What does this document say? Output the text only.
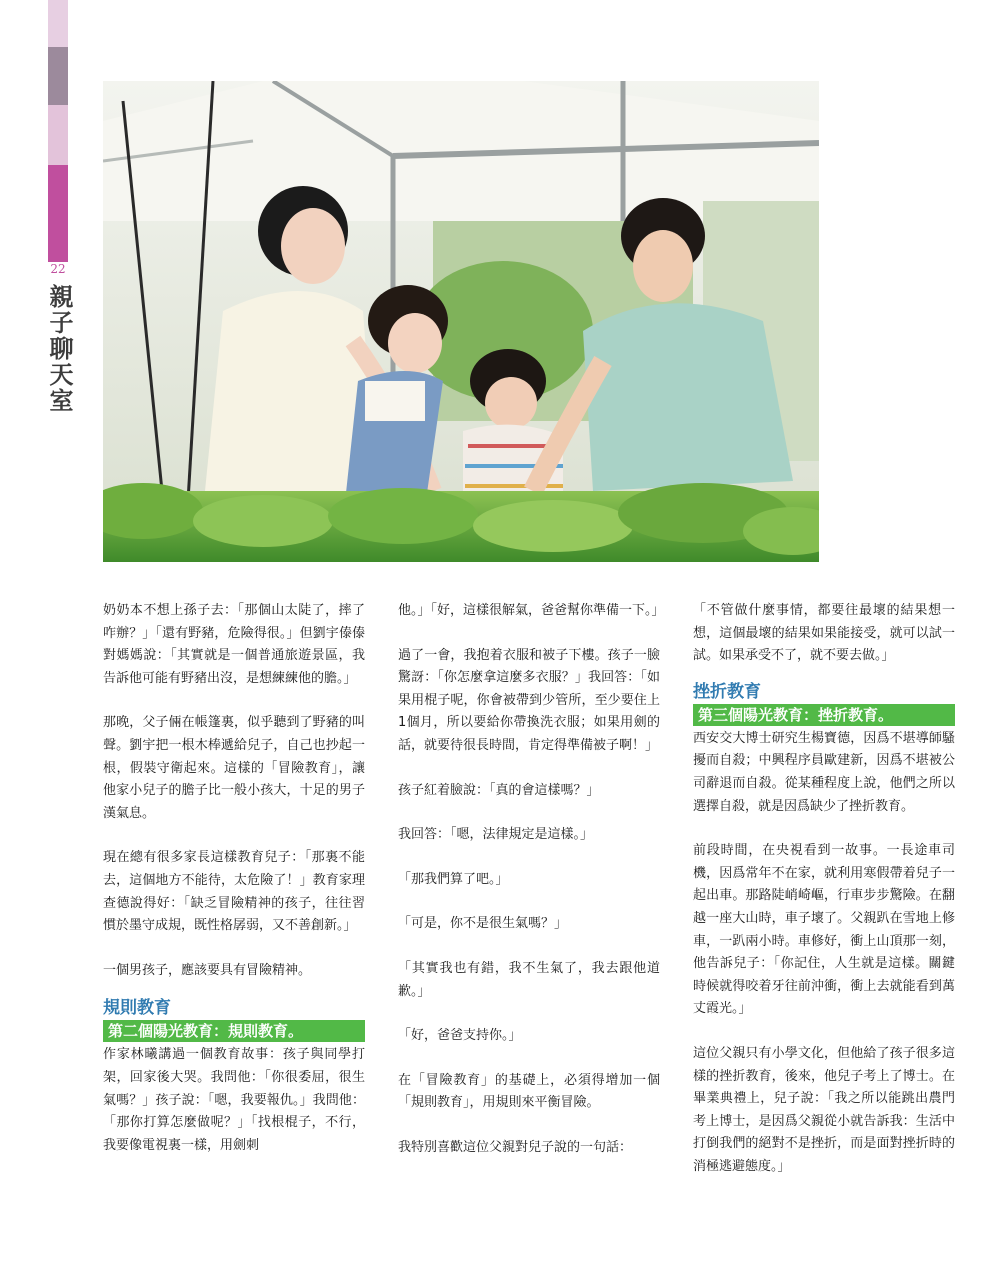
22
親子聊天室

奶奶本不想上孫子去：「那個山太陡了，摔了咋辦？」「還有野豬，危險得很。」但劉宇傣傣對媽媽說：「其實就是一個普通旅遊景區，我告訴他可能有野豬出沒，是想練練他的膽。」

那晚，父子倆在帳篷裏，似乎聽到了野豬的叫聲。劉宇把一根木棒遞給兒子，自己也抄起一根，假裝守衛起來。這樣的「冒險教育」，讓他家小兒子的膽子比一般小孩大，十足的男子漢氣息。

現在總有很多家長這樣教育兒子：「那裏不能去，這個地方不能待，太危險了！」教育家理查德說得好：「缺乏冒險精神的孩子，往往習慣於墨守成規，既性格孱弱，又不善創新。」

一個男孩子，應該要具有冒險精神。

規則教育

第二個陽光教育：規則教育。

作家林曦講過一個教育故事：孩子與同學打架，回家後大哭。我問他：「你很委屈，很生氣嗎？」孩子說：「嗯，我要報仇。」我問他：「那你打算怎麼做呢？」「找根棍子，不行，我要像電視裏一樣，用劍刺

他。」「好，這樣很解氣，爸爸幫你準備一下。」

過了一會，我抱着衣服和被子下樓。孩子一臉驚訝：「你怎麼拿這麼多衣服？」我回答：「如果用棍子呢，你會被帶到少管所，至少要住上1個月，所以要給你帶換洗衣服；如果用劍的話，就要待很長時間，肯定得準備被子啊！」

孩子紅着臉說：「真的會這樣嗎？」

我回答：「嗯，法律規定是這樣。」

「那我們算了吧。」

「可是，你不是很生氣嗎？」

「其實我也有錯，我不生氣了，我去跟他道歉。」

「好，爸爸支持你。」

在「冒險教育」的基礎上，必須得增加一個「規則教育」，用規則來平衡冒險。

我特別喜歡這位父親對兒子說的一句話：

「不管做什麼事情，都要往最壞的結果想一想，這個最壞的結果如果能接受，就可以試一試。如果承受不了，就不要去做。」

挫折教育

第三個陽光教育：挫折教育。

西安交大博士研究生楊寶德，因爲不堪導師騷擾而自殺；中興程序員歐建新，因爲不堪被公司辭退而自殺。從某種程度上說，他們之所以選擇自殺，就是因爲缺少了挫折教育。

前段時間，在央視看到一故事。一長途車司機，因爲常年不在家，就利用寒假帶着兒子一起出車。那路陡峭崎嶇，行車步步驚險。在翻越一座大山時，車子壞了。父親趴在雪地上修車，一趴兩小時。車修好，衝上山頂那一刻，他告訴兒子：「你記住，人生就是這樣。關鍵時候就得咬着牙往前沖衝，衝上去就能看到萬丈霞光。」

這位父親只有小學文化，但他給了孩子很多這樣的挫折教育，後來，他兒子考上了博士。在畢業典禮上，兒子說：「我之所以能跳出農門考上博士，是因爲父親從小就告訴我：生活中打倒我們的絕對不是挫折，而是面對挫折時的消極逃避態度。」
